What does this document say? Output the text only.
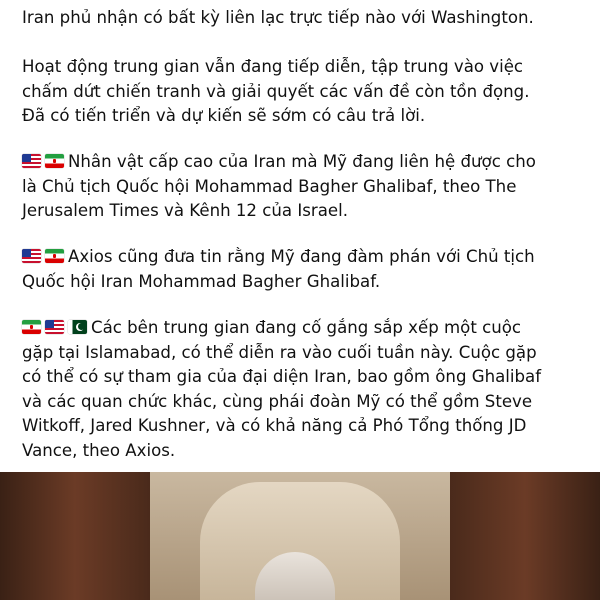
Iran phủ nhận có bất kỳ liên lạc trực tiếp nào với Washington.

Hoạt động trung gian vẫn đang tiếp diễn, tập trung vào việc
chấm dứt chiến tranh và giải quyết các vấn đề còn tồn đọng.
Đã có tiến triển và dự kiến sẽ sớm có câu trả lời.

Nhân vật cấp cao của Iran mà Mỹ đang liên hệ được cho
là Chủ tịch Quốc hội Mohammad Bagher Ghalibaf, theo The
Jerusalem Times và Kênh 12 của Israel.

Axios cũng đưa tin rằng Mỹ đang đàm phán với Chủ tịch
Quốc hội Iran Mohammad Bagher Ghalibaf.

Các bên trung gian đang cố gắng sắp xếp một cuộc
gặp tại Islamabad, có thể diễn ra vào cuối tuần này. Cuộc gặp
có thể có sự tham gia của đại diện Iran, bao gồm ông Ghalibaf
và các quan chức khác, cùng phái đoàn Mỹ có thể gồm Steve
Witkoff, Jared Kushner, và có khả năng cả Phó Tổng thống JD
Vance, theo Axios.
